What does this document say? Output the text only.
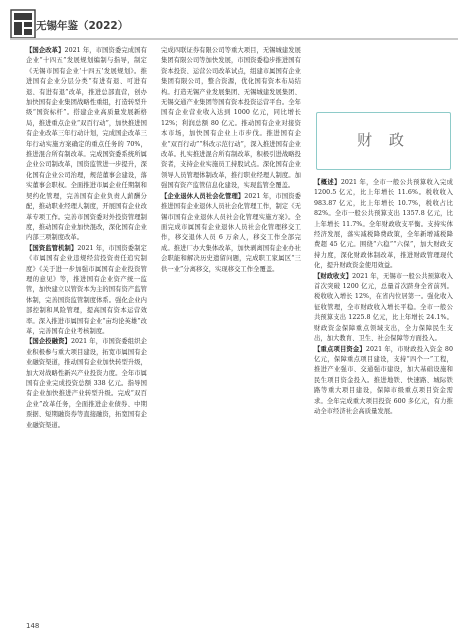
无锡年鉴（2022）

【国企改革】2021 年，市国资委完成国有企业“十四五”发展规划编制与指导，制定《无锡市国有企业‘十四五’发展规划》。推进国有企业分层分类“有进有退、可进有退、有进有退”改革，推进总部直营，创办加快国有企业集团战略性重组，打造转型升级“国资标杆”。搭建企业高质量发展新格局，推进重点企业“双百行动”，加快推进国有企业改革三年行动计划，完成国企改革三年行动实施方案确定的重点任务的 70%，推进混合所有制改革。完成国资委系统所属企业公司制改革，国资监管进一步提升，深化国有企业公司治理，规范董事会建设，落实董事会职权。全面推进市属企业任期制和契约化管理，完善国有企业负责人薪酬分配，推动职业经理人制度，开展国有企业改革专项工作。完善市国资委对外投资管理制度，推动国有企业加快混改，深化国有企业内部三项制度改革。

【国资监管机制】2021 年，市国资委制定《市属国有企业违规经营投资责任追究制度》《关于进一步加强市属国有企业投资管理的意见》等，推进国有企业资产统一监管，加快建立以管资本为主的国有资产监管体制，完善国资监管制度体系。强化企业内部控制和风险管理，提高国有资本运营效率。深入推进市属国有企业“亩均论英雄”改革，完善国有企业考核制度。

【国企投融资】2021 年，市国资委组织企业积极参与重大项目建设，拓宽市属国有企业融资渠道，推动国有企业加快转型升级，加大对战略性新兴产业投资力度。全年市属国有企业完成投资总额 338 亿元。指导国有企业加快推进产业转型升级。完成“双百企业”改革任务，全面推进企业债券、中期票据、短期融资券等直接融资，拓宽国有企业融资渠道。

完成四联证券有限公司等重大项目，无锡城建发展集团有限公司等加快发展，市国资委稳步推进国有资本投资、运营公司改革试点，组建市属国有企业集团有限公司，整合资源，优化国有资本布局结构。打造无锡产业发展集团、无锡城建发展集团、无锡交通产业集团等国有资本投资运营平台。全年国有企业营业收入达到 1000 亿元，同比增长 12%；利润总额 80 亿元。推动国有企业对接资本市场，加快国有企业上市步伐。推进国有企业“双百行动”“科改示范行动”，深入推进国有企业改革。扎实推进混合所有制改革，积极引进战略投资者，支持企业实施员工持股试点。深化国有企业领导人员管理体制改革，推行职业经理人制度。加强国有资产监管信息化建设，实现监管全覆盖。

【企业退休人员社会化管理】2021 年，市国资委推进国有企业退休人员社会化管理工作，制定《无锡市国有企业退休人员社会化管理实施方案》。全面完成市属国有企业退休人员社会化管理移交工作，移交退休人员 6 万余人，移交工作全部完成。推进厂办大集体改革，加快剥离国有企业办社会职能和解决历史遗留问题，完成职工家属区“三供一业”分离移交，实现移交工作全覆盖。

财 政

【概述】2021 年，全市一般公共预算收入完成 1200.5 亿元，比上年增长 11.6%。税收收入 983.87 亿元，比上年增长 10.7%，税收占比 82%。全市一般公共预算支出 1357.8 亿元，比上年增长 11.7%。全年财政收支平衡。支持实体经济发展，落实减税降费政策，全年新增减税降费超 45 亿元。围绕“六稳”“六保”，加大财政支持力度，深化财政体制改革，推进财政管理现代化，提升财政资金使用效益。

【财政收支】2021 年，无锡市一般公共预算收入首次突破 1200 亿元，总量首次跻身全省前列。税收收入增长 12%，在省内位居第一。强化收入征收管理，全市财政收入增长平稳。全市一般公共预算支出 1225.8 亿元，比上年增长 24.1%。财政资金保障重点领域支出，全力保障民生支出，加大教育、卫生、社会保障等方面投入。

【重点项目资金】2021 年，市财政投入资金 80 亿元，保障重点项目建设，支持“四个一”工程，推进产业强市、交通强市建设，加大基础设施和民生项目资金投入。推进地铁、快速路、城际铁路等重大项目建设，保障市级重点项目资金需求。全年完成重大项目投资 600 多亿元，有力推动全市经济社会高质量发展。

148
